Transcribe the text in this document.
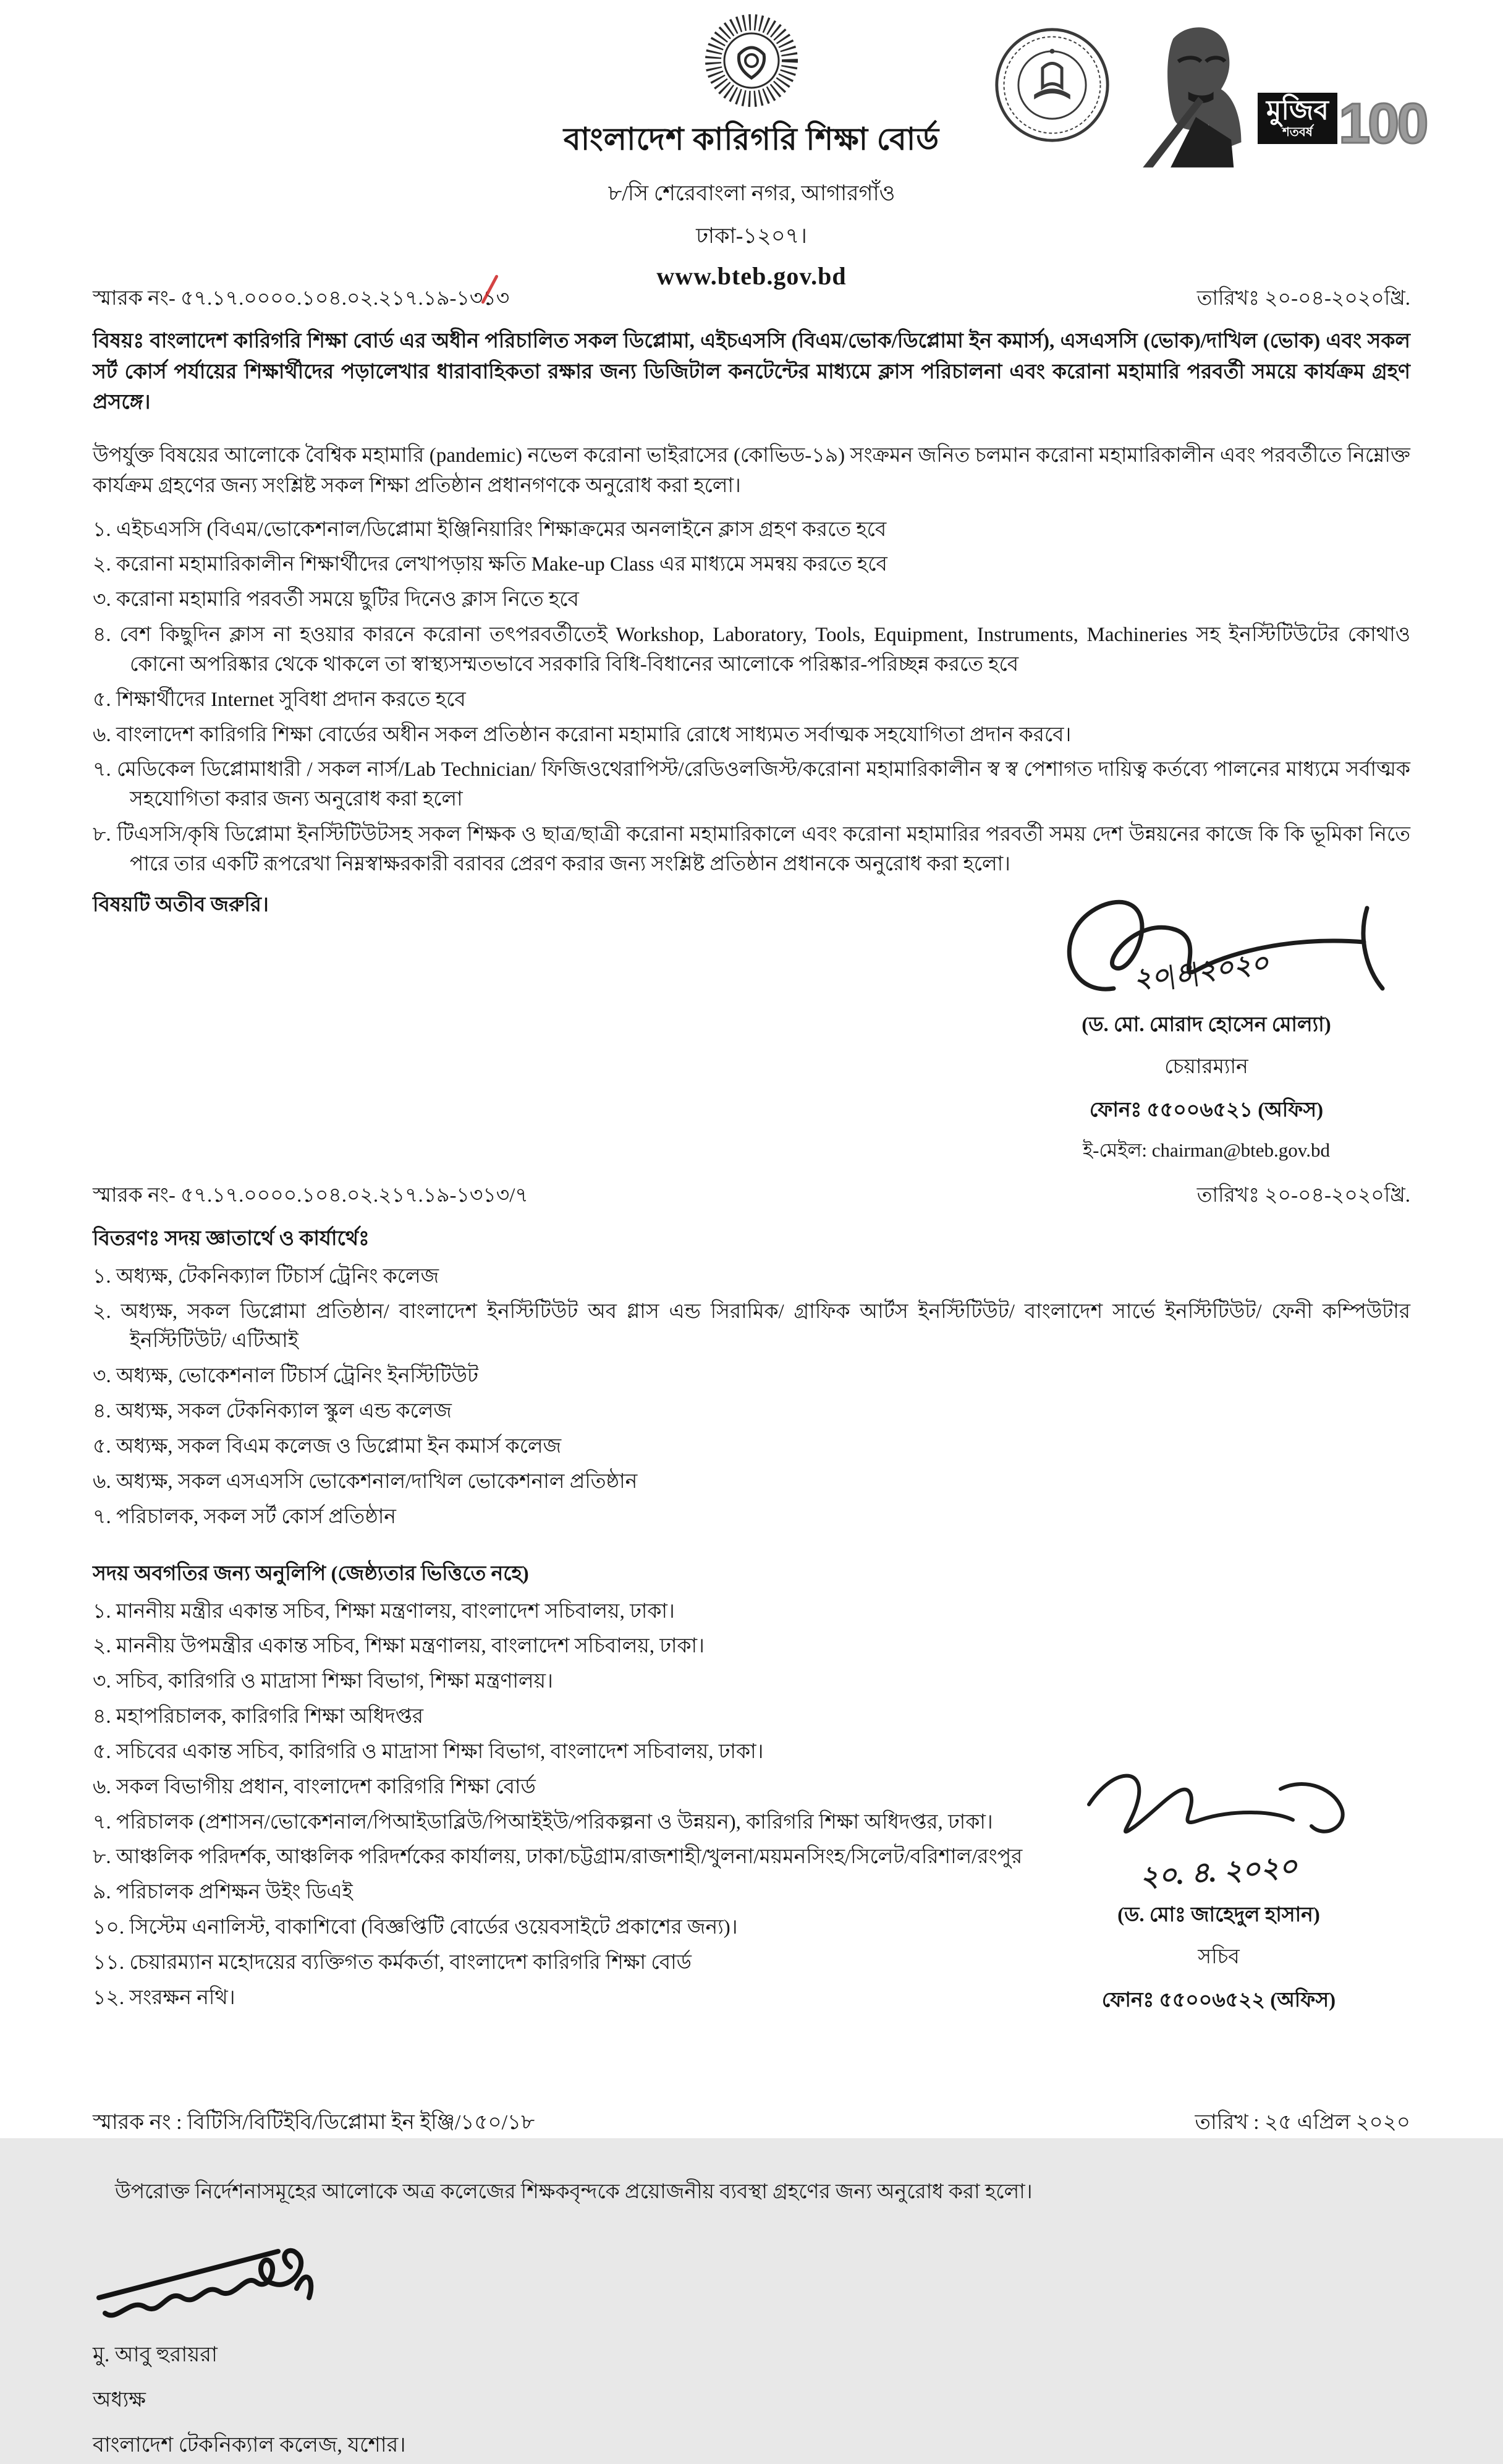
বাংলাদেশ কারিগরি শিক্ষা বোর্ড
৮/সি শেরেবাংলা নগর, আগারগাঁও
ঢাকা-১২০৭।
www.bteb.gov.bd
মুজিব
শতবর্ষ 100
স্মারক নং- ৫৭.১৭.০০০০.১০৪.০২.২১৭.১৯-১৩১৩	তারিখঃ ২০-০৪-২০২০খ্রি.
বিষয়ঃ বাংলাদেশ কারিগরি শিক্ষা বোর্ড এর অধীন পরিচালিত সকল ডিপ্লোমা, এইচএসসি (বিএম/ভোক/ডিপ্লোমা ইন কমার্স), এসএসসি (ভোক)/দাখিল (ভোক) এবং সকল সর্ট কোর্স পর্যায়ের শিক্ষার্থীদের পড়ালেখার ধারাবাহিকতা রক্ষার জন্য ডিজিটাল কনটেন্টের মাধ্যমে ক্লাস পরিচালনা এবং করোনা মহামারি পরবর্তী সময়ে কার্যক্রম গ্রহণ প্রসঙ্গে।
উপর্যুক্ত বিষয়ের আলোকে বৈশ্বিক মহামারি (pandemic) নভেল করোনা ভাইরাসের (কোভিড-১৯) সংক্রমন জনিত চলমান করোনা মহামারিকালীন এবং পরবর্তীতে নিম্নোক্ত কার্যক্রম গ্রহণের জন্য সংশ্লিষ্ট সকল শিক্ষা প্রতিষ্ঠান প্রধানগণকে অনুরোধ করা হলো।
১. এইচএসসি (বিএম/ভোকেশনাল/ডিপ্লোমা ইঞ্জিনিয়ারিং শিক্ষাক্রমের অনলাইনে ক্লাস গ্রহণ করতে হবে
২. করোনা মহামারিকালীন শিক্ষার্থীদের লেখাপড়ায় ক্ষতি Make-up Class এর মাধ্যমে সমন্বয় করতে হবে
৩. করোনা মহামারি পরবর্তী সময়ে ছুটির দিনেও ক্লাস নিতে হবে
৪. বেশ কিছুদিন ক্লাস না হওয়ার কারনে করোনা তৎপরবর্তীতেই Workshop, Laboratory, Tools, Equipment, Instruments, Machineries সহ ইনস্টিটিউটের কোথাও কোনো অপরিষ্কার থেকে থাকলে তা স্বাস্থ্যসম্মতভাবে সরকারি বিধি-বিধানের আলোকে পরিষ্কার-পরিচ্ছন্ন করতে হবে
৫. শিক্ষার্থীদের Internet সুবিধা প্রদান করতে হবে
৬. বাংলাদেশ কারিগরি শিক্ষা বোর্ডের অধীন সকল প্রতিষ্ঠান করোনা মহামারি রোধে সাধ্যমত সর্বাত্মক সহযোগিতা প্রদান করবে।
৭. মেডিকেল ডিপ্লোমাধারী / সকল নার্স/Lab Technician/ ফিজিওথেরাপিস্ট/রেডিওলজিস্ট/করোনা মহামারিকালীন স্ব স্ব পেশাগত দায়িত্ব কর্তব্যে পালনের মাধ্যমে সর্বাত্মক সহযোগিতা করার জন্য অনুরোধ করা হলো
৮. টিএসসি/কৃষি ডিপ্লোমা ইনস্টিটিউটসহ সকল শিক্ষক ও ছাত্র/ছাত্রী করোনা মহামারিকালে এবং করোনা মহামারির পরবর্তী সময় দেশ উন্নয়নের কাজে কি কি ভূমিকা নিতে পারে তার একটি রূপরেখা নিম্নস্বাক্ষরকারী বরাবর প্রেরণ করার জন্য সংশ্লিষ্ট প্রতিষ্ঠান প্রধানকে অনুরোধ করা হলো।
বিষয়টি অতীব জরুরি।
২০|৪|২০২০
(ড. মো. মোরাদ হোসেন মোল্যা)
চেয়ারম্যান
ফোনঃ ৫৫০০৬৫২১ (অফিস)
ই-মেইল: chairman@bteb.gov.bd
স্মারক নং- ৫৭.১৭.০০০০.১০৪.০২.২১৭.১৯-১৩১৩/৭	তারিখঃ ২০-০৪-২০২০খ্রি.
বিতরণঃ সদয় জ্ঞাতার্থে ও কার্যার্থেঃ
১. অধ্যক্ষ, টেকনিক্যাল টিচার্স ট্রেনিং কলেজ
২. অধ্যক্ষ, সকল ডিপ্লোমা প্রতিষ্ঠান/ বাংলাদেশ ইনস্টিটিউট অব গ্লাস এন্ড সিরামিক/ গ্রাফিক আর্টস ইনস্টিটিউট/ বাংলাদেশ সার্ভে ইনস্টিটিউট/ ফেনী কম্পিউটার ইনস্টিটিউট/ এটিআই
৩. অধ্যক্ষ, ভোকেশনাল টিচার্স ট্রেনিং ইনস্টিটিউট
৪. অধ্যক্ষ, সকল টেকনিক্যাল স্কুল এন্ড কলেজ
৫. অধ্যক্ষ, সকল বিএম কলেজ ও ডিপ্লোমা ইন কমার্স কলেজ
৬. অধ্যক্ষ, সকল এসএসসি ভোকেশনাল/দাখিল ভোকেশনাল প্রতিষ্ঠান
৭. পরিচালক, সকল সর্ট কোর্স প্রতিষ্ঠান
সদয় অবগতির জন্য অনুলিপি (জেষ্ঠ্যতার ভিত্তিতে নহে)
১. মাননীয় মন্ত্রীর একান্ত সচিব, শিক্ষা মন্ত্রণালয়, বাংলাদেশ সচিবালয়, ঢাকা।
২. মাননীয় উপমন্ত্রীর একান্ত সচিব, শিক্ষা মন্ত্রণালয়, বাংলাদেশ সচিবালয়, ঢাকা।
৩. সচিব, কারিগরি ও মাদ্রাসা শিক্ষা বিভাগ, শিক্ষা মন্ত্রণালয়।
৪. মহাপরিচালক, কারিগরি শিক্ষা অধিদপ্তর
৫. সচিবের একান্ত সচিব, কারিগরি ও মাদ্রাসা শিক্ষা বিভাগ, বাংলাদেশ সচিবালয়, ঢাকা।
৬. সকল বিভাগীয় প্রধান, বাংলাদেশ কারিগরি শিক্ষা বোর্ড
৭. পরিচালক (প্রশাসন/ভোকেশনাল/পিআইডাব্লিউ/পিআইইউ/পরিকল্পনা ও উন্নয়ন), কারিগরি শিক্ষা অধিদপ্তর, ঢাকা।
৮. আঞ্চলিক পরিদর্শক, আঞ্চলিক পরিদর্শকের কার্যালয়, ঢাকা/চট্টগ্রাম/রাজশাহী/খুলনা/ময়মনসিংহ/সিলেট/বরিশাল/রংপুর
৯. পরিচালক প্রশিক্ষন উইং ডিএই
১০. সিস্টেম এনালিস্ট, বাকাশিবো (বিজ্ঞপ্তিটি বোর্ডের ওয়েবসাইটে প্রকাশের জন্য)।
১১. চেয়ারম্যান মহোদয়ের ব্যক্তিগত কর্মকর্তা, বাংলাদেশ কারিগরি শিক্ষা বোর্ড
১২. সংরক্ষন নথি।
২০. ৪. ২০২০
(ড. মোঃ জাহেদুল হাসান)
সচিব
ফোনঃ ৫৫০০৬৫২২ (অফিস)
স্মারক নং : বিটিসি/বিটিইবি/ডিপ্লোমা ইন ইঞ্জি/১৫০/১৮	তারিখ : ২৫ এপ্রিল ২০২০
উপরোক্ত নির্দেশনাসমূহের আলোকে অত্র কলেজের শিক্ষকবৃন্দকে প্রয়োজনীয় ব্যবস্থা গ্রহণের জন্য অনুরোধ করা হলো।
মু. আবু হুরায়রা
অধ্যক্ষ
বাংলাদেশ টেকনিক্যাল কলেজ, যশোর।
